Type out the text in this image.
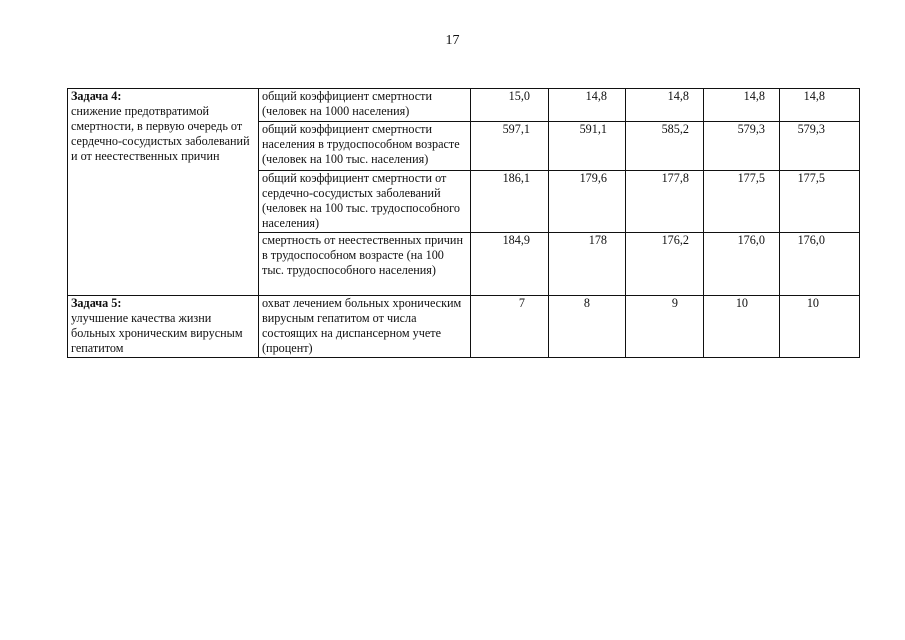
17
Задача 4:
снижение предотвратимой смертности, в первую очередь от сердечно-сосудистых заболеваний и от неестественных причин	общий коэффициент смертности (человек на 1000 населения)	15,0	14,8	14,8	14,8	14,8
	общий коэффициент смертности населения в трудоспособном возрасте (человек на 100 тыс. населения)	597,1	591,1	585,2	579,3	579,3
	общий коэффициент смертности от сердечно-сосудистых заболеваний (человек на 100 тыс. трудоспособного населения)	186,1	179,6	177,8	177,5	177,5
	смертность от неестественных причин в трудоспособном возрасте (на 100 тыс. трудоспособного населения)	184,9	178	176,2	176,0	176,0

Задача 5:
улучшение качества жизни больных хроническим вирусным гепатитом	охват лечением больных хроническим вирусным гепатитом от числа состоящих на диспансерном учете (процент)	7	8	9	10	10
